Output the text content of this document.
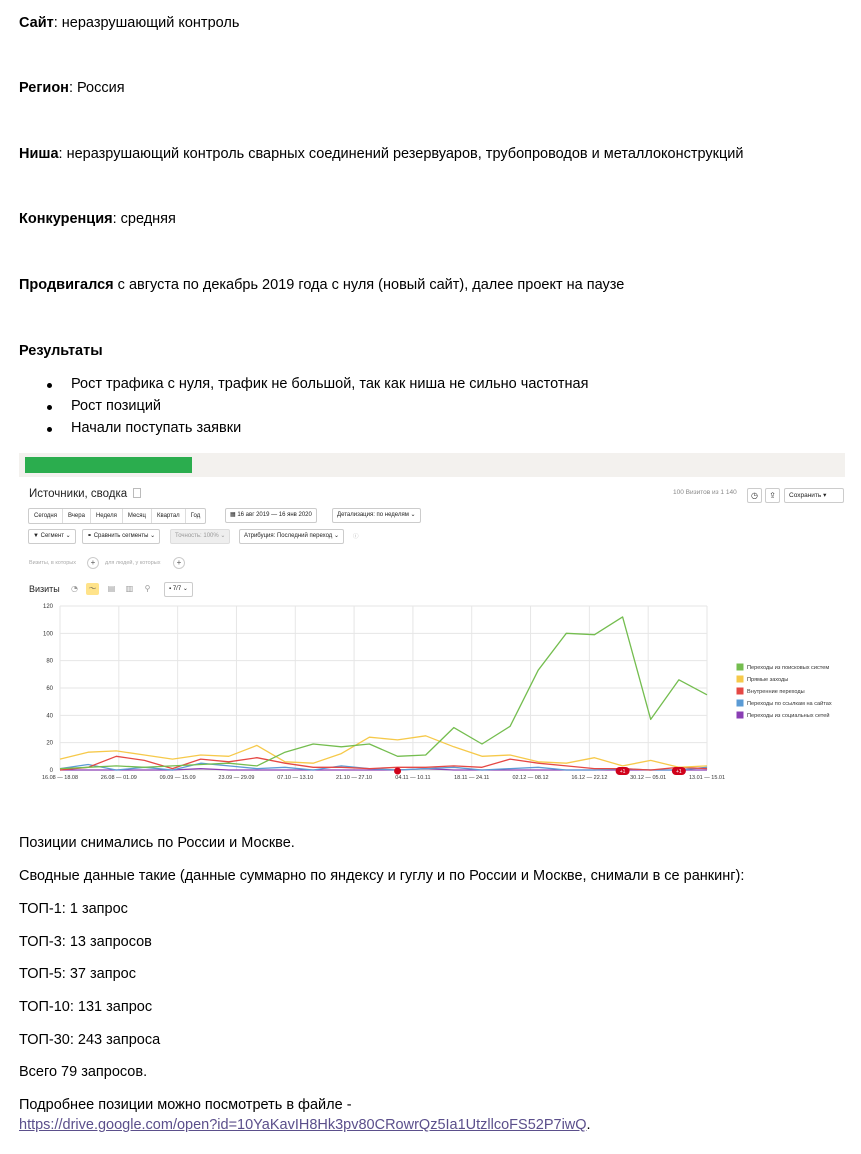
Сайт: неразрушающий контроль
Регион: Россия
Ниша: неразрушающий контроль сварных соединений резервуаров, трубопроводов и металлоконструкций
Конкуренция: средняя
Продвигался с августа по декабрь 2019 года с нуля (новый сайт), далее проект на паузе
Результаты
Рост трафика с нуля, трафик не большой, так как ниша не сильно частотная
Рост позиций
Начали поступать заявки
Источники, сводка	100 Визитов из 1 140	◷	⇪	Сохранить ▾
Сегодня	Вчера	Неделя	Месяц	Квартал	Год	▦ 16 авг 2019 — 16 янв 2020	Детализация: по неделям ⌄
▼ Сегмент ⌄	⚭ Сравнить сегменты ⌄	Точность: 100% ⌄	Атрибуция: Последний переход ⌄	ⓘ
Визиты, в которых	+	для людей, у которых	+
Визиты	◔	〜	▤	▥	⚲	▪ 7/7 ⌄
0
20
40
60
80
100
120
16.08 — 18.08	26.08 — 01.09	09.09 — 15.09	23.09 — 29.09	07.10 — 13.10	21.10 — 27.10	04.11 — 10.11	18.11 — 24.11	02.12 — 08.12	16.12 — 22.12	30.12 — 05.01	13.01 — 15.01
+1	+1
Переходы из поисковых систем
Прямые заходы
Внутренние переходы
Переходы по ссылкам на сайтах
Переходы из социальных сетей
Позиции снимались по России и Москве.
Сводные данные такие (данные суммарно по яндексу и гуглу и по России и Москве, снимали в се ранкинг):
ТОП-1: 1 запрос
ТОП-3: 13 запросов
ТОП-5: 37 запрос
ТОП-10: 131 запрос
ТОП-30: 243 запроса
Всего 79 запросов.
Подробнее позиции можно посмотреть в файле -
https://drive.google.com/open?id=10YaKavIH8Hk3pv80CRowrQz5Ia1UtzllcoFS52P7iwQ.
